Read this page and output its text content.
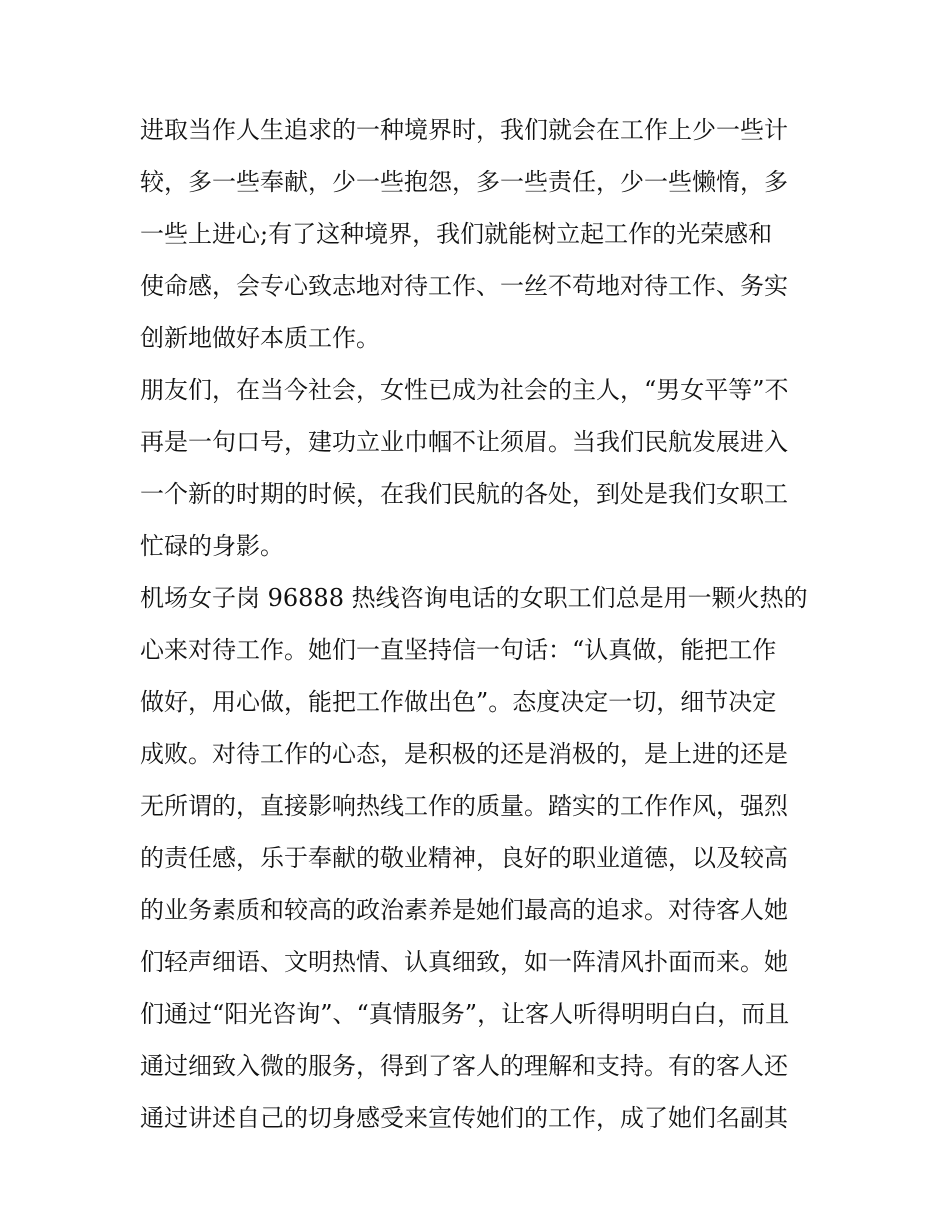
进取当作人生追求的一种境界时，我们就会在工作上少一些计
较，多一些奉献，少一些抱怨，多一些责任，少一些懒惰，多
一些上进心;有了这种境界，我们就能树立起工作的光荣感和
使命感，会专心致志地对待工作、一丝不苟地对待工作、务实
创新地做好本质工作。
朋友们，在当今社会，女性已成为社会的主人，“男女平等”不
再是一句口号，建功立业巾帼不让须眉。当我们民航发展进入
一个新的时期的时候，在我们民航的各处，到处是我们女职工
忙碌的身影。
机场女子岗 96888 热线咨询电话的女职工们总是用一颗火热的
心来对待工作。她们一直坚持信一句话：“认真做，能把工作
做好，用心做，能把工作做出色”。态度决定一切，细节决定
成败。对待工作的心态，是积极的还是消极的，是上进的还是
无所谓的，直接影响热线工作的质量。踏实的工作作风，强烈
的责任感，乐于奉献的敬业精神，良好的职业道德，以及较高
的业务素质和较高的政治素养是她们最高的追求。对待客人她
们轻声细语、文明热情、认真细致，如一阵清风扑面而来。她
们通过“阳光咨询”、“真情服务”，让客人听得明明白白，而且
通过细致入微的服务，得到了客人的理解和支持。有的客人还
通过讲述自己的切身感受来宣传她们的工作，成了她们名副其
